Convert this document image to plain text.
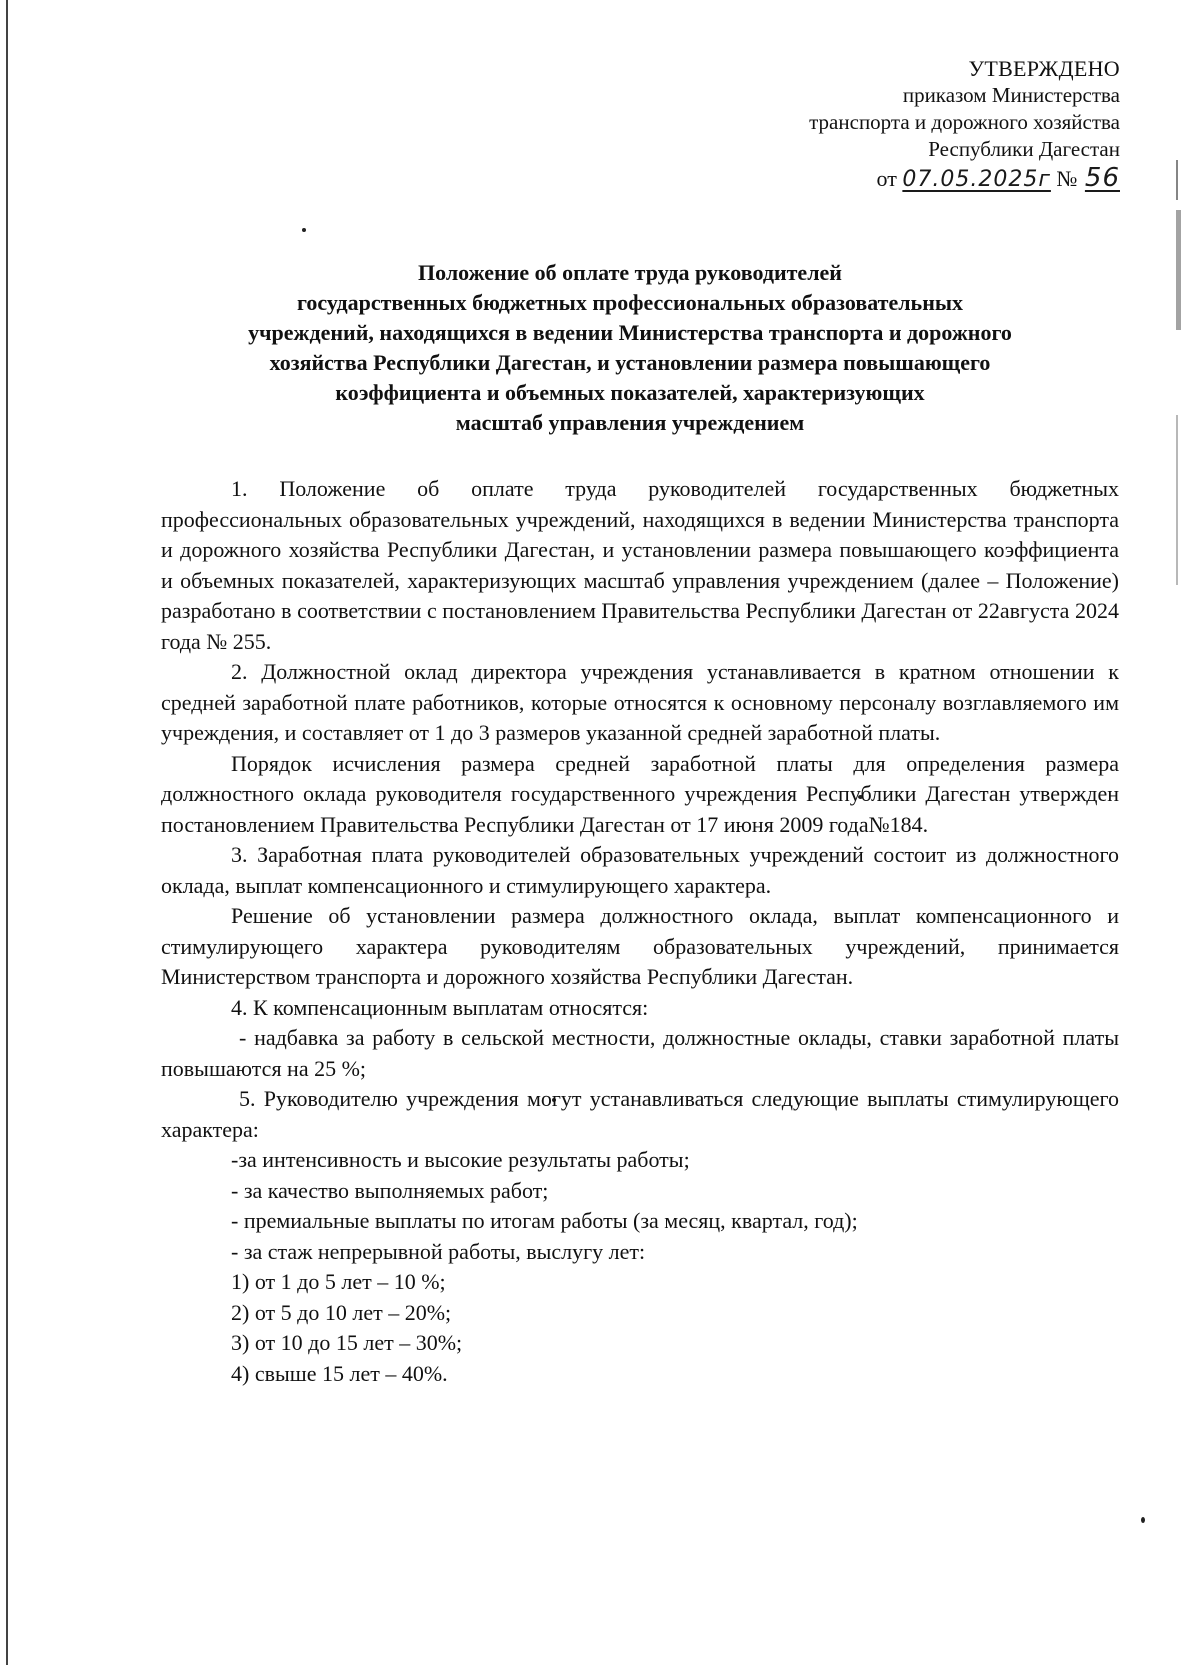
УТВЕРЖДЕНО
приказом Министерства
транспорта и дорожного хозяйства
Республики Дагестан
от 07.05.2025г № 56
Положение об оплате труда руководителей
государственных бюджетных профессиональных образовательных
учреждений, находящихся в ведении Министерства транспорта и дорожного
хозяйства Республики Дагестан, и установлении размера повышающего
коэффициента и объемных показателей, характеризующих
масштаб управления учреждением

1. Положение об оплате труда руководителей государственных бюджетных профессиональных образовательных учреждений, находящихся в ведении Министерства транспорта и дорожного хозяйства Республики Дагестан, и установлении размера повышающего коэффициента и объемных показателей, характеризующих масштаб управления учреждением (далее – Положение) разработано в соответствии с постановлением Правительства Республики Дагестан от 22августа 2024 года № 255.

2. Должностной оклад директора учреждения устанавливается в кратном отношении к средней заработной плате работников, которые относятся к основному персоналу возглавляемого им учреждения, и составляет от 1 до 3 размеров указанной средней заработной платы.

Порядок исчисления размера средней заработной платы для определения размера должностного оклада руководителя государственного учреждения Республики Дагестан утвержден постановлением Правительства Республики Дагестан от 17 июня 2009 года№184.

3. Заработная плата руководителей образовательных учреждений состоит из должностного оклада, выплат компенсационного и стимулирующего характера.

Решение об установлении размера должностного оклада, выплат компенсационного и стимулирующего характера руководителям образовательных учреждений, принимается Министерством транспорта и дорожного хозяйства Республики Дагестан.

4. К компенсационным выплатам относятся:

- надбавка за работу в сельской местности, должностные оклады, ставки заработной платы повышаются на 25 %;

5. Руководителю учреждения могут устанавливаться следующие выплаты стимулирующего характера:

-за интенсивность и высокие результаты работы;

- за качество выполняемых работ;

- премиальные выплаты по итогам работы (за месяц, квартал, год);

- за стаж непрерывной работы, выслугу лет:

1) от 1 до 5 лет – 10 %;

2) от 5 до 10 лет – 20%;

3) от 10 до 15 лет – 30%;

4) свыше 15 лет – 40%.
